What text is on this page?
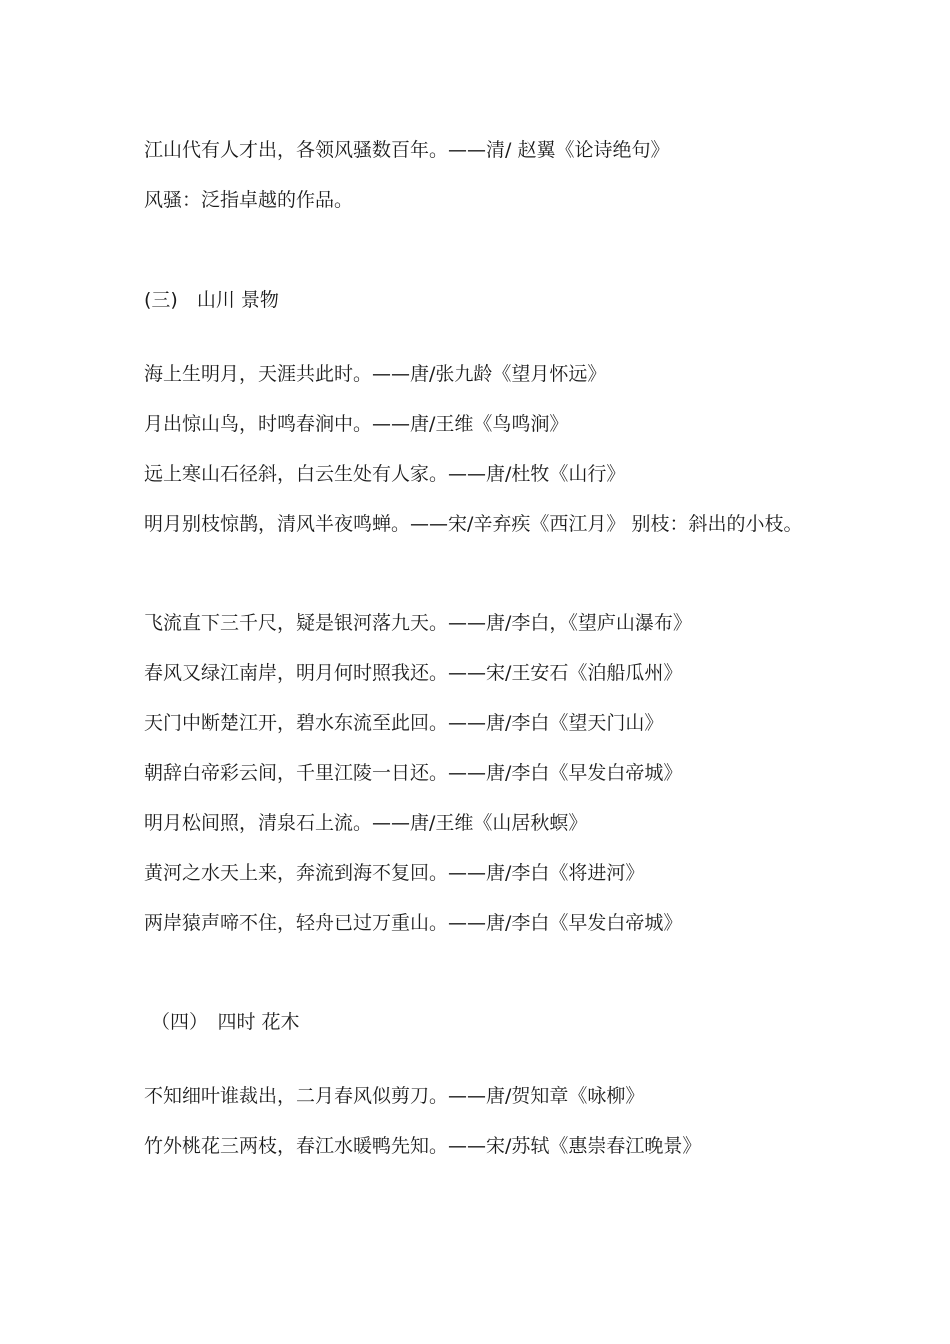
江山代有人才出，各领风骚数百年。——清/ 赵翼《论诗绝句》
风骚：泛指卓越的作品。
(三)　山川 景物
海上生明月，天涯共此时。——唐/张九龄《望月怀远》
月出惊山鸟，时鸣春涧中。——唐/王维《鸟鸣涧》
远上寒山石径斜，白云生处有人家。——唐/杜牧《山行》
明月别枝惊鹊，清风半夜鸣蝉。——宋/辛弃疾《西江月》 别枝：斜出的小枝。
飞流直下三千尺，疑是银河落九天。——唐/李白，《望庐山瀑布》
春风又绿江南岸，明月何时照我还。——宋/王安石《泊船瓜州》
天门中断楚江开，碧水东流至此回。——唐/李白《望天门山》
朝辞白帝彩云间，千里江陵一日还。——唐/李白《早发白帝城》
明月松间照，清泉石上流。——唐/王维《山居秋螟》
黄河之水天上来，奔流到海不复回。——唐/李白《将进河》
两岸猿声啼不住，轻舟已过万重山。——唐/李白《早发白帝城》
（四）　四时 花木
不知细叶谁裁出，二月春风似剪刀。——唐/贺知章《咏柳》
竹外桃花三两枝，春江水暖鸭先知。——宋/苏轼《惠崇春江晚景》
